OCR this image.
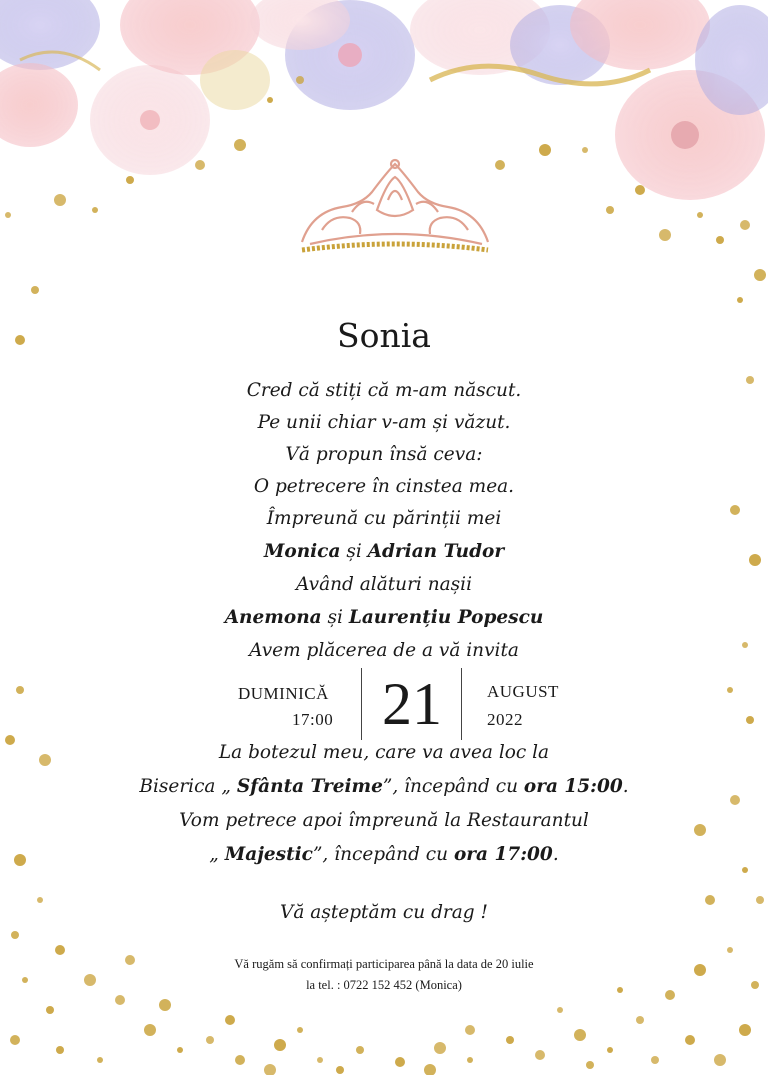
Sonia
Cred că stiți că m-am născut.
Pe unii chiar v-am și văzut.
Vă propun însă ceva:
O petrecere în cinstea mea.
Împreună cu părinții mei
Monica și Adrian Tudor
Având alături nașii
Anemona și Laurențiu Popescu
Avem plăcerea de a vă invita
DUMINICĂ
17:00 21	AUGUST
2022
La botezul meu, care va avea loc la
Biserica „ Sfânta Treime”, începând cu ora 15:00.
Vom petrece apoi împreună la Restaurantul
„ Majestic”, începând cu ora 17:00.
Vă așteptăm cu drag !
Vă rugăm să confirmați participarea până la data de 20 iulie
la tel. : 0722 152 452 (Monica)
